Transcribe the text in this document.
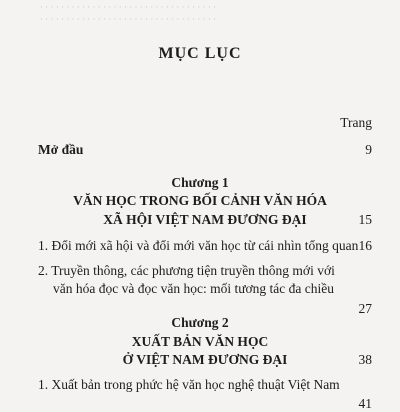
· · · · · · · · · · · · · · · · · · · · · · · · · · · · · · · · · ·
· · · · · · · · · · · · · · · · · · · · · · · · · · · · · · · · · ·
MỤC LỤC
Trang
Mở đầu	9
Chương 1
VĂN HỌC TRONG BỐI CẢNH VĂN HÓA
XÃ HỘI VIỆT NAM ĐƯƠNG ĐẠI	15
1. Đổi mới xã hội và đổi mới văn học từ cái nhìn tổng quan 16
2. Truyền thông, các phương tiện truyền thông mới với
văn hóa đọc và đọc văn học: mối tương tác đa chiều
27
Chương 2
XUẤT BẢN VĂN HỌC
Ở VIỆT NAM ĐƯƠNG ĐẠI	38
1. Xuất bản trong phức hệ văn học nghệ thuật Việt Nam
41
